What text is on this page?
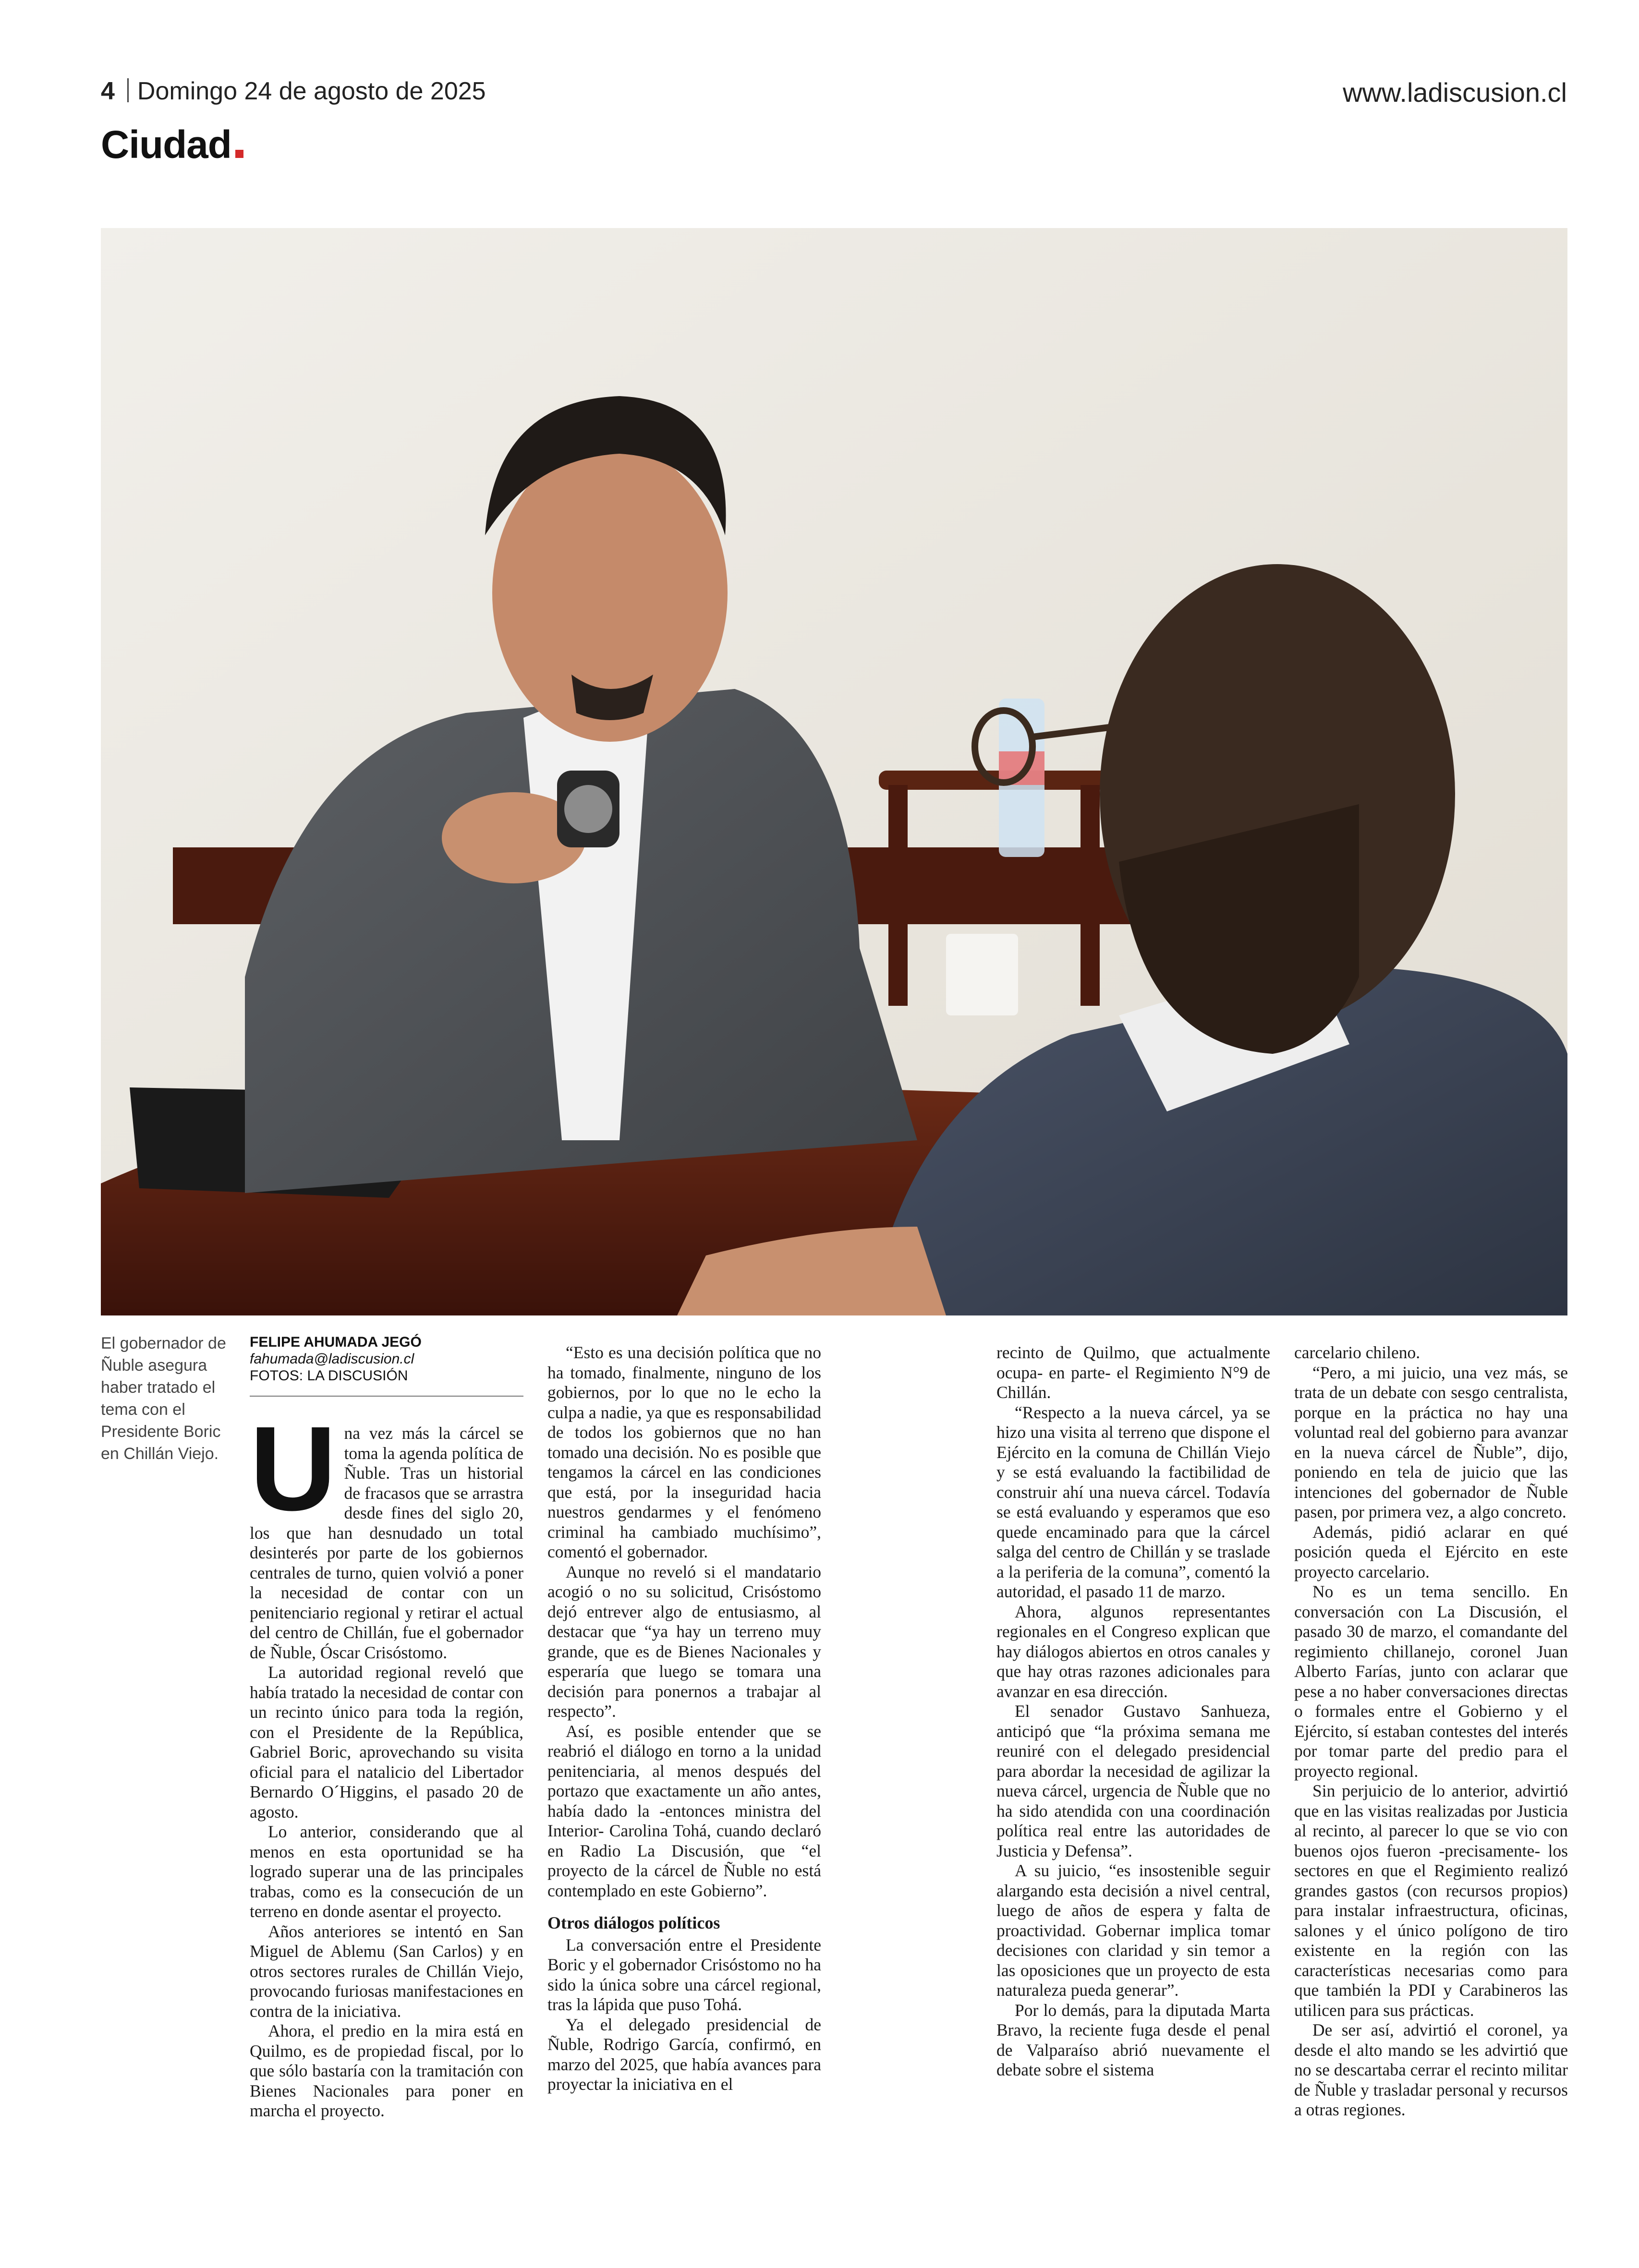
4 Domingo 24 de agosto de 2025	www.ladiscusion.cl
Ciudad
El gobernador de Ñuble asegura haber tratado el tema con el Presidente Boric en Chillán Viejo.
FELIPE AHUMADA JEGÓ
fahumada@ladiscusion.cl
FOTOS: LA DISCUSIÓN
U na vez más la cárcel se toma la agenda política de Ñuble. Tras un historial de fracasos que se arrastra desde fines del siglo 20, los que han desnudado un total desinterés por parte de los gobiernos centrales de turno, quien volvió a poner la necesidad de contar con un penitenciario regional y retirar el actual del centro de Chillán, fue el gobernador de Ñuble, Óscar Crisóstomo.

La autoridad regional reveló que había tratado la necesidad de contar con un recinto único para toda la región, con el Presidente de la República, Gabriel Boric, aprovechando su visita oficial para el natalicio del Libertador Bernardo O´Higgins, el pasado 20 de agosto.

Lo anterior, considerando que al menos en esta oportunidad se ha logrado superar una de las principales trabas, como es la consecución de un terreno en donde asentar el proyecto.

Años anteriores se intentó en San Miguel de Ablemu (San Carlos) y en otros sectores rurales de Chillán Viejo, provocando furiosas manifestaciones en contra de la iniciativa.

Ahora, el predio en la mira está en Quilmo, es de propiedad fiscal, por lo que sólo bastaría con la tramitación con Bienes Nacionales para poner en marcha el proyecto.

“Esto es una decisión política que no ha tomado, finalmente, ninguno de los gobiernos, por lo que no le echo la culpa a nadie, ya que es responsabilidad de todos los gobiernos que no han tomado una decisión. No es posible que tengamos la cárcel en las condiciones que está, por la inseguridad hacia nuestros gendarmes y el fenómeno criminal ha cambiado muchísimo”, comentó el gobernador.

Aunque no reveló si el mandatario acogió o no su solicitud, Crisóstomo dejó entrever algo de entusiasmo, al destacar que “ya hay un terreno muy grande, que es de Bienes Nacionales y esperaría que luego se tomara una decisión para ponernos a trabajar al respecto”.

Así, es posible entender que se reabrió el diálogo en torno a la unidad penitenciaria, al menos después del portazo que exactamente un año antes, había dado la -entonces ministra del Interior- Carolina Tohá, cuando declaró en Radio La Discusión, que “el proyecto de la cárcel de Ñuble no está contemplado en este Gobierno”.

Otros diálogos políticos

La conversación entre el Presidente Boric y el gobernador Crisóstomo no ha sido la única sobre una cárcel regional, tras la lápida que puso Tohá.

Ya el delegado presidencial de Ñuble, Rodrigo García, confirmó, en marzo del 2025, que había avances para proyectar la iniciativa en el

recinto de Quilmo, que actualmente ocupa- en parte- el Regimiento N°9 de Chillán.

“Respecto a la nueva cárcel, ya se hizo una visita al terreno que dispone el Ejército en la comuna de Chillán Viejo y se está evaluando la factibilidad de construir ahí una nueva cárcel. Todavía se está evaluando y esperamos que eso quede encaminado para que la cárcel salga del centro de Chillán y se traslade a la periferia de la comuna”, comentó la autoridad, el pasado 11 de marzo.

Ahora, algunos representantes regionales en el Congreso explican que hay diálogos abiertos en otros canales y que hay otras razones adicionales para avanzar en esa dirección.

El senador Gustavo Sanhueza, anticipó que “la próxima semana me reuniré con el delegado presidencial para abordar la necesidad de agilizar la nueva cárcel, urgencia de Ñuble que no ha sido atendida con una coordinación política real entre las autoridades de Justicia y Defensa”.

A su juicio, “es insostenible seguir alargando esta decisión a nivel central, luego de años de espera y falta de proactividad. Gobernar implica tomar decisiones con claridad y sin temor a las oposiciones que un proyecto de esta naturaleza pueda generar”.

Por lo demás, para la diputada Marta Bravo, la reciente fuga desde el penal de Valparaíso abrió nuevamente el debate sobre el sistema

carcelario chileno.

“Pero, a mi juicio, una vez más, se trata de un debate con sesgo centralista, porque en la práctica no hay una voluntad real del gobierno para avanzar en la nueva cárcel de Ñuble”, dijo, poniendo en tela de juicio que las intenciones del gobernador de Ñuble pasen, por primera vez, a algo concreto.

Además, pidió aclarar en qué posición queda el Ejército en este proyecto carcelario.

No es un tema sencillo. En conversación con La Discusión, el pasado 30 de marzo, el comandante del regimiento chillanejo, coronel Juan Alberto Farías, junto con aclarar que pese a no haber conversaciones directas o formales entre el Gobierno y el Ejército, sí estaban contestes del interés por tomar parte del predio para el proyecto regional.

Sin perjuicio de lo anterior, advirtió que en las visitas realizadas por Justicia al recinto, al parecer lo que se vio con buenos ojos fueron -precisamente- los sectores en que el Regimiento realizó grandes gastos (con recursos propios) para instalar infraestructura, oficinas, salones y el único polígono de tiro existente en la región con las características necesarias como para que también la PDI y Carabineros las utilicen para sus prácticas.

De ser así, advirtió el coronel, ya desde el alto mando se les advirtió que no se descartaba cerrar el recinto militar de Ñuble y trasladar personal y recursos a otras regiones.
